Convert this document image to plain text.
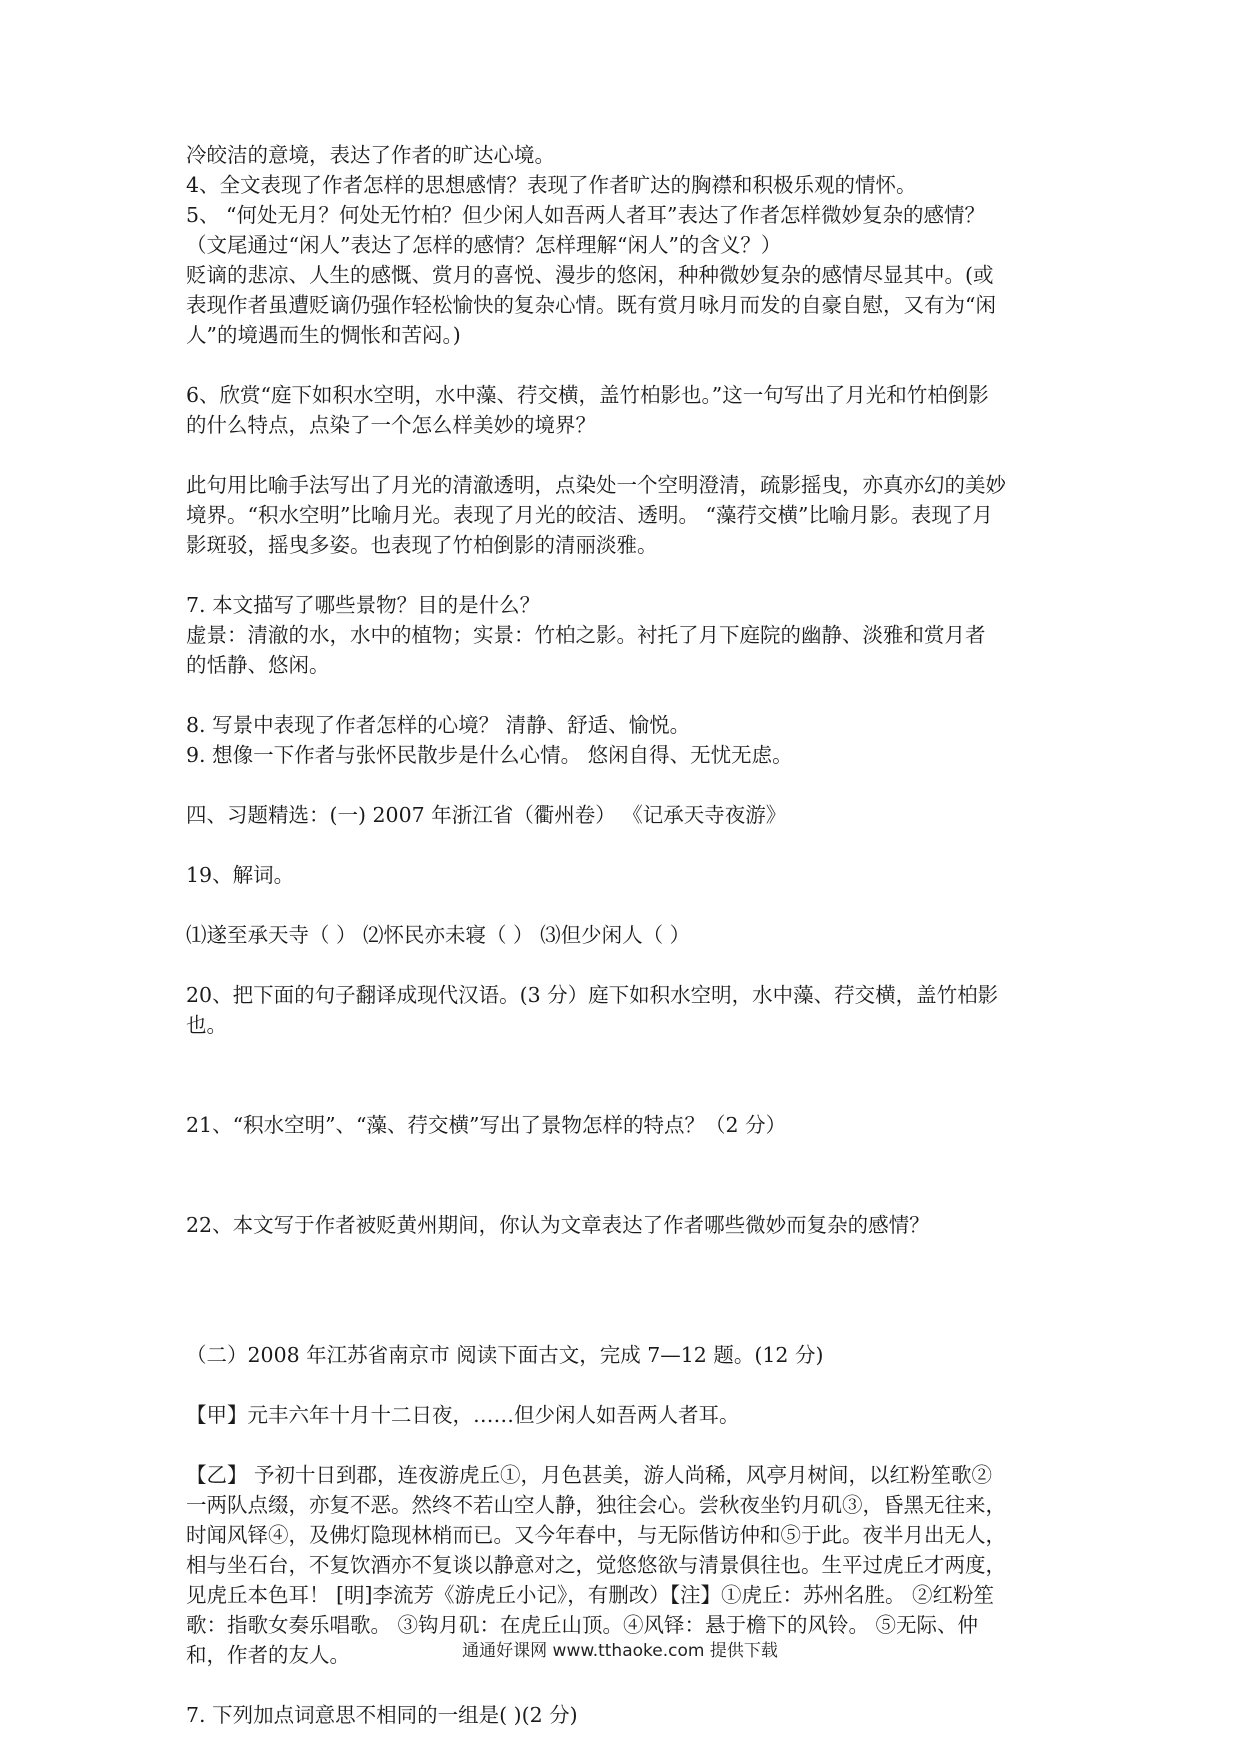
冷皎洁的意境，表达了作者的旷达心境。

4、全文表现了作者怎样的思想感情？表现了作者旷达的胸襟和积极乐观的情怀。

5、 “何处无月？何处无竹柏？但少闲人如吾两人者耳”表达了作者怎样微妙复杂的感情？

（文尾通过“闲人”表达了怎样的感情？怎样理解“闲人”的含义？）

贬谪的悲凉、人生的感慨、赏月的喜悦、漫步的悠闲，种种微妙复杂的感情尽显其中。(或

表现作者虽遭贬谪仍强作轻松愉快的复杂心情。既有赏月咏月而发的自豪自慰，又有为“闲

人”的境遇而生的惆怅和苦闷。)

6、欣赏“庭下如积水空明，水中藻、荇交横，盖竹柏影也。”这一句写出了月光和竹柏倒影

的什么特点，点染了一个怎么样美妙的境界？

此句用比喻手法写出了月光的清澈透明，点染处一个空明澄清，疏影摇曳，亦真亦幻的美妙

境界。“积水空明”比喻月光。表现了月光的皎洁、透明。 “藻荇交横”比喻月影。表现了月

影斑驳，摇曳多姿。也表现了竹柏倒影的清丽淡雅。

7. 本文描写了哪些景物？目的是什么？

虚景：清澈的水，水中的植物；实景：竹柏之影。衬托了月下庭院的幽静、淡雅和赏月者

的恬静、悠闲。

8. 写景中表现了作者怎样的心境？ 清静、舒适、愉悦。

9. 想像一下作者与张怀民散步是什么心情。 悠闲自得、无忧无虑。

四、习题精选：(一) 2007 年浙江省（衢州卷） 《记承天寺夜游》

19、解词。

⑴遂至承天寺（ ） ⑵怀民亦未寝（ ） ⑶但少闲人（ ）

20、把下面的句子翻译成现代汉语。(3 分）庭下如积水空明，水中藻、荇交横，盖竹柏影

也。

21、“积水空明”、“藻、荇交横”写出了景物怎样的特点？（2 分）

22、本文写于作者被贬黄州期间，你认为文章表达了作者哪些微妙而复杂的感情？

（二）2008 年江苏省南京市 阅读下面古文，完成 7—12 题。(12 分)

【甲】元丰六年十月十二日夜，……但少闲人如吾两人者耳。

【乙】 予初十日到郡，连夜游虎丘①，月色甚美，游人尚稀，风亭月树间，以红粉笙歌②

一两队点缀，亦复不恶。然终不若山空人静，独往会心。尝秋夜坐钓月矶③，昏黑无往来，

时闻风铎④，及佛灯隐现林梢而已。又今年春中，与无际偕访仲和⑤于此。夜半月出无人，

相与坐石台，不复饮酒亦不复谈以静意对之，觉悠悠欲与清景俱往也。生平过虎丘才两度，

见虎丘本色耳！ [明]李流芳《游虎丘小记》，有删改）【注】①虎丘：苏州名胜。 ②红粉笙

歌：指歌女奏乐唱歌。 ③钩月矶：在虎丘山顶。④风铎：悬于檐下的风铃。 ⑤无际、仲

和，作者的友人。

7. 下列加点词意思不相同的一组是( )(2 分)

通通好课网 www.tthaoke.com 提供下载
